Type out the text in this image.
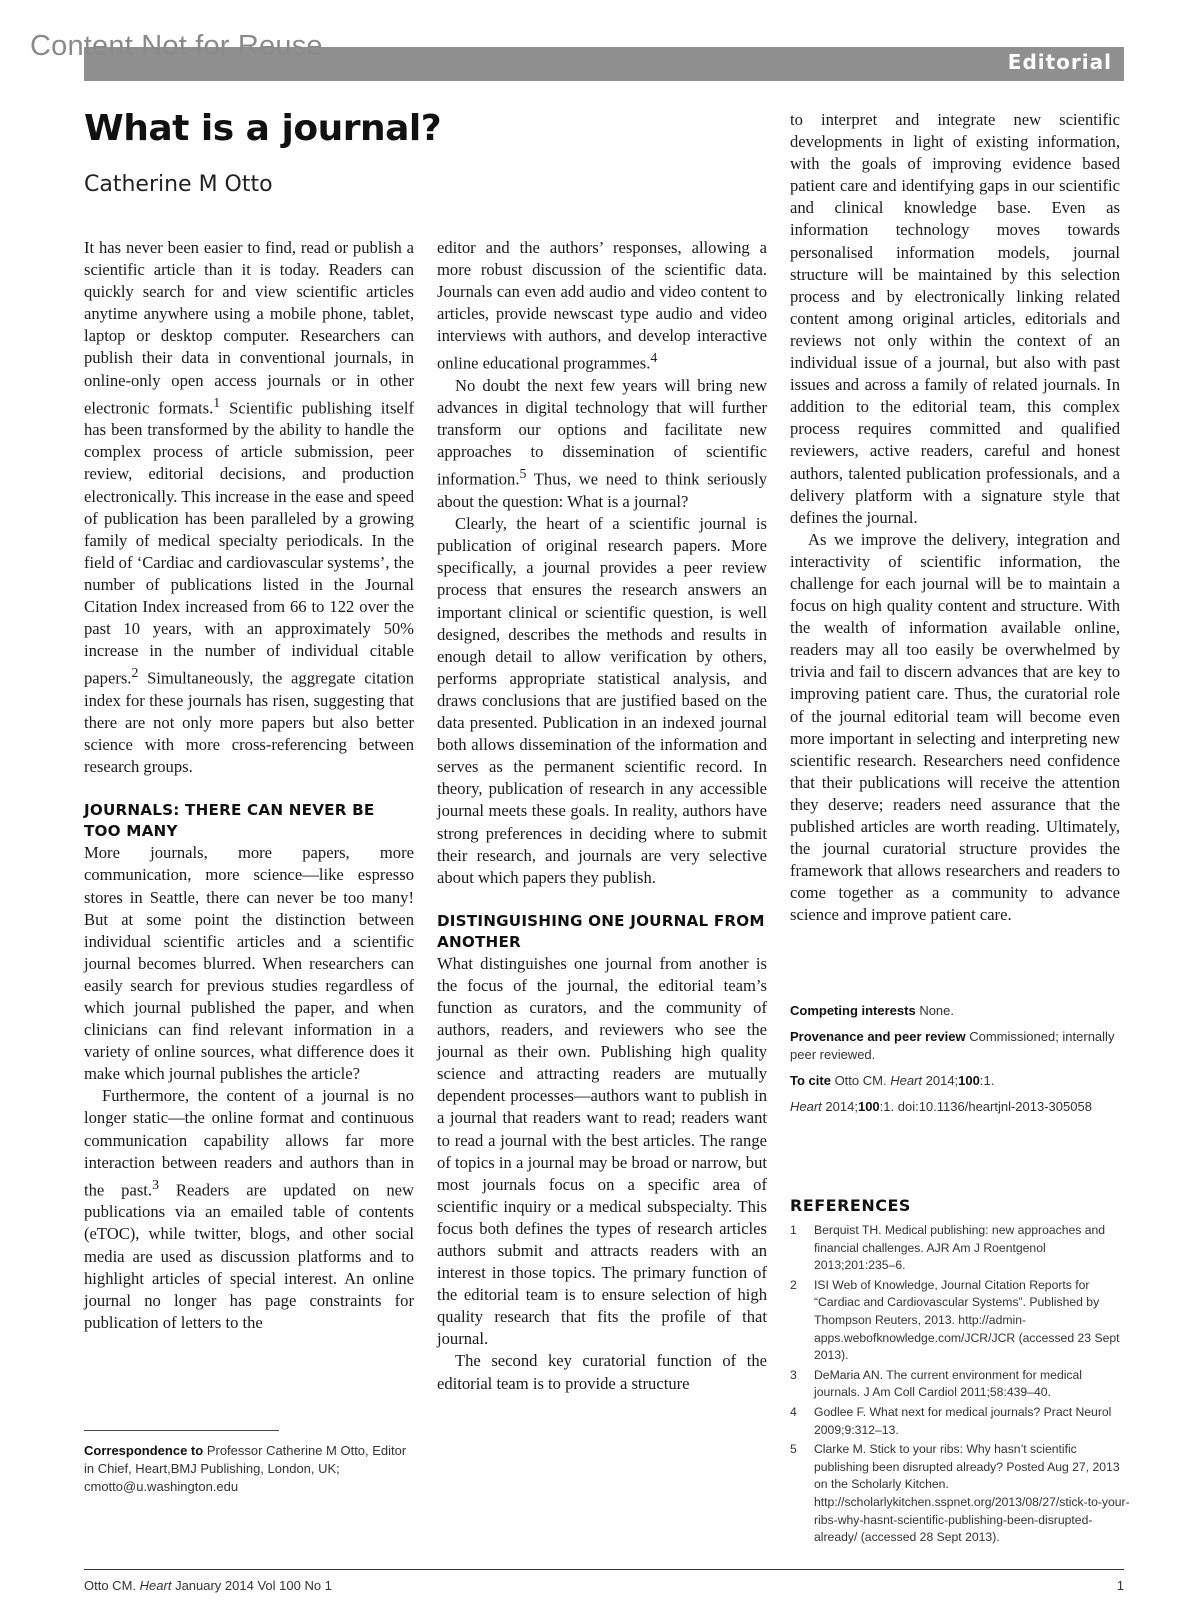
Content Not for Reuse	Editorial
What is a journal?
Catherine M Otto

It has never been easier to find, read or publish a scientific article than it is today. Readers can quickly search for and view scientific articles anytime anywhere using a mobile phone, tablet, laptop or desktop computer. Researchers can publish their data in conventional journals, in online-only open access journals or in other electronic formats.$^1$ Scientific publishing itself has been transformed by the ability to handle the complex process of article submission, peer review, editorial decisions, and production electronically. This increase in the ease and speed of publication has been paralleled by a growing family of medical specialty periodicals. In the field of ‘Cardiac and cardiovascular systems’, the number of publications listed in the Journal Citation Index increased from 66 to 122 over the past 10 years, with an approximately 50% increase in the number of individual citable papers.$^2$ Simultaneously, the aggregate citation index for these journals has risen, suggesting that there are not only more papers but also better science with more cross-referencing between research groups.

JOURNALS: THERE CAN NEVER BE TOO MANY

More journals, more papers, more communication, more science—like espresso stores in Seattle, there can never be too many! But at some point the distinction between individual scientific articles and a scientific journal becomes blurred. When researchers can easily search for previous studies regardless of which journal published the paper, and when clinicians can find relevant information in a variety of online sources, what difference does it make which journal publishes the article?

Furthermore, the content of a journal is no longer static—the online format and continuous communication capability allows far more interaction between readers and authors than in the past.$^3$ Readers are updated on new publications via an emailed table of contents (eTOC), while twitter, blogs, and other social media are used as discussion platforms and to highlight articles of special interest. An online journal no longer has page constraints for publication of letters to the

editor and the authors’ responses, allowing a more robust discussion of the scientific data. Journals can even add audio and video content to articles, provide newscast type audio and video interviews with authors, and develop interactive online educational programmes.$^4$

No doubt the next few years will bring new advances in digital technology that will further transform our options and facilitate new approaches to dissemination of scientific information.$^5$ Thus, we need to think seriously about the question: What is a journal?

Clearly, the heart of a scientific journal is publication of original research papers. More specifically, a journal provides a peer review process that ensures the research answers an important clinical or scientific question, is well designed, describes the methods and results in enough detail to allow verification by others, performs appropriate statistical analysis, and draws conclusions that are justified based on the data presented. Publication in an indexed journal both allows dissemination of the information and serves as the permanent scientific record. In theory, publication of research in any accessible journal meets these goals. In reality, authors have strong preferences in deciding where to submit their research, and journals are very selective about which papers they publish.

DISTINGUISHING ONE JOURNAL FROM ANOTHER

What distinguishes one journal from another is the focus of the journal, the editorial team’s function as curators, and the community of authors, readers, and reviewers who see the journal as their own. Publishing high quality science and attracting readers are mutually dependent processes—authors want to publish in a journal that readers want to read; readers want to read a journal with the best articles. The range of topics in a journal may be broad or narrow, but most journals focus on a specific area of scientific inquiry or a medical subspecialty. This focus both defines the types of research articles authors submit and attracts readers with an interest in those topics. The primary function of the editorial team is to ensure selection of high quality research that fits the profile of that journal.

The second key curatorial function of the editorial team is to provide a structure

to interpret and integrate new scientific developments in light of existing information, with the goals of improving evidence based patient care and identifying gaps in our scientific and clinical knowledge base. Even as information technology moves towards personalised information models, journal structure will be maintained by this selection process and by electronically linking related content among original articles, editorials and reviews not only within the context of an individual issue of a journal, but also with past issues and across a family of related journals. In addition to the editorial team, this complex process requires committed and qualified reviewers, active readers, careful and honest authors, talented publication professionals, and a delivery platform with a signature style that defines the journal.

As we improve the delivery, integration and interactivity of scientific information, the challenge for each journal will be to maintain a focus on high quality content and structure. With the wealth of information available online, readers may all too easily be overwhelmed by trivia and fail to discern advances that are key to improving patient care. Thus, the curatorial role of the journal editorial team will become even more important in selecting and interpreting new scientific research. Researchers need confidence that their publications will receive the attention they deserve; readers need assurance that the published articles are worth reading. Ultimately, the journal curatorial structure provides the framework that allows researchers and readers to come together as a community to advance science and improve patient care.

Competing interests None.
Provenance and peer review Commissioned; internally peer reviewed.
To cite Otto CM. Heart 2014;100:1.
Heart 2014;100:1. doi:10.1136/heartjnl-2013-305058
Correspondence to Professor Catherine M Otto, Editor in Chief, Heart,BMJ Publishing, London, UK; cmotto@u.washington.edu
REFERENCES
1 Berquist TH. Medical publishing: new approaches and financial challenges. AJR Am J Roentgenol 2013;201:235–6.
2 ISI Web of Knowledge, Journal Citation Reports for “Cardiac and Cardiovascular Systems”. Published by Thompson Reuters, 2013. http://admin-apps.webofknowledge.com/JCR/JCR (accessed 23 Sept 2013).
3 DeMaria AN. The current environment for medical journals. J Am Coll Cardiol 2011;58:439–40.
4 Godlee F. What next for medical journals? Pract Neurol 2009;9:312–13.
5 Clarke M. Stick to your ribs: Why hasn’t scientific publishing been disrupted already? Posted Aug 27, 2013 on the Scholarly Kitchen. http://scholarlykitchen.sspnet.org/2013/08/27/stick-to-your-ribs-why-hasnt-scientific-publishing-been-disrupted-already/ (accessed 28 Sept 2013).
Otto CM. Heart January 2014 Vol 100 No 1	1
